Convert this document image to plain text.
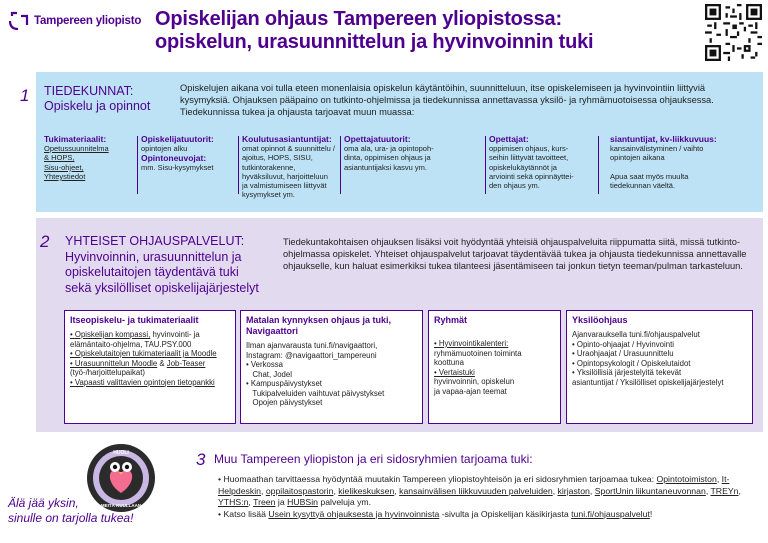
Tampereen yliopisto Opiskelijan ohjaus Tampereen yliopistossa:
opiskelun, urasuunnittelun ja hyvinvoinnin tuki
1 TIEDEKUNNAT:
Opiskelu ja opinnot
Opiskelujen aikana voi tulla eteen monenlaisia opiskelun käytäntöihin, suunnitteluun, itse opiskelemiseen ja hyvinvointiin liittyviä kysymyksiä. Ohjauksen pääpaino on tutkinto-ohjelmissa ja tiedekunnissa annettavassa yksilö- ja ryhmämuotoisessa ohjauksessa. Tiedekunnissa tukea ja ohjausta tarjoavat muun muassa:
Tukimateriaalit:
Opetussuunnitelma
& HOPS,
Sisu-ohjeet,
Yhteystiedot
Opiskelijatuutorit:
opintojen alku
Opintoneuvojat:
mm. Sisu-kysymykset
Koulutusasiantuntijat:
omat opinnot & suunnittelu /
ajoitus, HOPS, SISU,
tutkintorakenne,
hyväksiluvut, harjoitteluun
ja valmistumiseen liittyvät
kysymykset ym.
Opettajatuutorit:
oma ala, ura- ja opintopoh-
dinta, oppimisen ohjaus ja
asiantuntijaksi kasvu ym.
Opettajat:
oppimisen ohjaus, kurs-
seihin liittyvät tavoitteet,
opiskelukäytännöt ja
arviointi sekä opinnäyttei-
den ohjaus ym.
siantuntijat, kv-liikkuvuus:
kansainvälistyminen / vaihto
opintojen aikana
Apua saat myös muulta
tiedekunnan väeltä.
2 YHTEISET OHJAUSPALVELUT:
Hyvinvoinnin, urasuunnittelun ja
opiskelutaitojen täydentävä tuki
sekä yksilölliset opiskelijajärjestelyt
Tiedekuntakohtaisen ohjauksen lisäksi voit hyödyntää yhteisiä ohjauspalveluita riippumatta siitä, missä tutkinto-ohjelmassa opiskelet. Yhteiset ohjauspalvelut tarjoavat täydentävää tukea ja ohjausta tiedekunnissa annettavalle ohjaukselle, kun haluat esimerkiksi tukea tilanteesi jäsentämiseen tai jonkun tietyn teeman/pulman tarkasteluun.
Itseopiskelu- ja tukimateriaalit
• Opiskelijan kompassi, hyvinvointi- ja elämäntaito-ohjelma, TAU.PSY.000
• Opiskelutaitojen tukimateriaalit ja Moodle
• Urasuunnittelun Moodle & Job-Teaser (työ-/harjoittelupaikat)
• Vapaasti valittavien opintojen tietopankki
Matalan kynnyksen ohjaus ja tuki, Navigaattori
Ilman ajanvarausta tuni.fi/navigaattori,
Instagram: @navigaattori_tampereuni
• Verkossa
Chat, Jodel
• Kampuspäivystykset
Tukipalveluiden vaihtuvat päivystykset
Opojen päivystykset
Ryhmät
• Hyvinvointikalenteri:
ryhmämuotoinen toiminta
koottuna
• Vertaistuki
hyvinvoinnin, opiskelun
ja vapaa-ajan teemat
Yksilöohjaus
Ajanvarauksella tuni.fi/ohjauspalvelut
• Opinto-ohjaajat / Hyvinvointi
• Uraohjaajat / Urasuunnittelu
• Opintopsykologit / Opiskelutaidot
• Yksilöllisiä järjestelyitä tekevät
asiantuntijat / Yksilölliset opiskelijajärjestelyt
HUOLI
MEITÄ KUULLAAN
3 Muu Tampereen yliopiston ja eri sidosryhmien tarjoama tuki:
• Huomaathan tarvittaessa hyödyntää muutakin Tampereen yliopistoyhteisön ja eri sidosryhmien tarjoamaa tukea: Opintotoimiston, It-Helpdeskin, oppilaitospastorin, kielikeskuksen, kansainvälisen liikkuvuuden palveluiden, kirjaston, SportUnin liikuntaneuvonnan, TREYn, YTHS:n, Treen ja HUBSin palveluja ym.
• Katso lisää Usein kysyttyä ohjauksesta ja hyvinvoinnista -sivulta ja Opiskelijan käsikirjasta tuni.fi/ohjauspalvelut!
Älä jää yksin,
sinulle on tarjolla tukea!
